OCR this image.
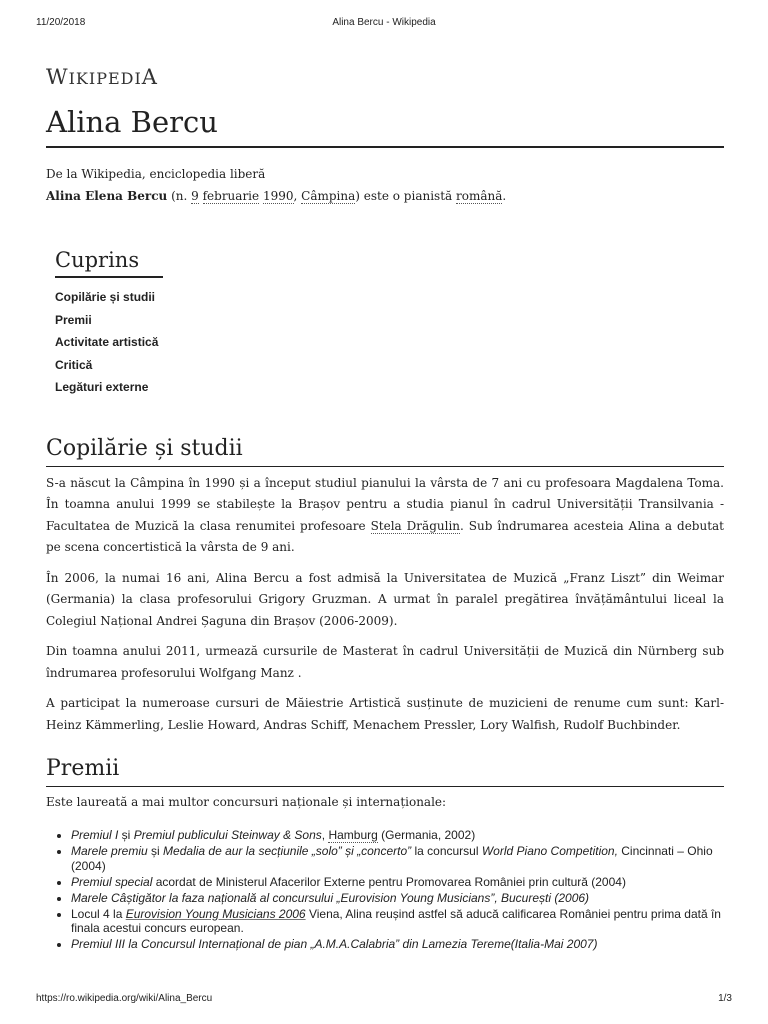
11/20/2018	Alina Bercu - Wikipedia
WIKIPEDIA
Alina Bercu
De la Wikipedia, enciclopedia liberă
Alina Elena Bercu (n. 9 februarie 1990, Câmpina) este o pianistă română.
Cuprins
Copilărie și studii
Premii
Activitate artistică
Critică
Legături externe
Copilărie și studii

S-a născut la Câmpina în 1990 și a început studiul pianului la vârsta de 7 ani cu profesoara Magdalena Toma. În toamna anului 1999 se stabilește la Brașov pentru a studia pianul în cadrul Universității Transilvania -Facultatea de Muzică la clasa renumitei profesoare Stela Drăgulin. Sub îndrumarea acesteia Alina a debutat pe scena concertistică la vârsta de 9 ani.

În 2006, la numai 16 ani, Alina Bercu a fost admisă la Universitatea de Muzică „Franz Liszt” din Weimar (Germania) la clasa profesorului Grigory Gruzman. A urmat în paralel pregătirea învățământului liceal la Colegiul Național Andrei Șaguna din Brașov (2006-2009).

Din toamna anului 2011, urmează cursurile de Masterat în cadrul Universității de Muzică din Nürnberg sub îndrumarea profesorului Wolfgang Manz .

A participat la numeroase cursuri de Măiestrie Artistică susținute de muzicieni de renume cum sunt: Karl-Heinz Kämmerling, Leslie Howard, Andras Schiff, Menachem Pressler, Lory Walfish, Rudolf Buchbinder.

Premii

Este laureată a mai multor concursuri naționale și internaționale:

• Premiul I și Premiul publicului Steinway & Sons, Hamburg (Germania, 2002)
• Marele premiu și Medalia de aur la secțiunile „solo” și „concerto” la concursul World Piano Competition, Cincinnati – Ohio (2004)
• Premiul special acordat de Ministerul Afacerilor Externe pentru Promovarea României prin cultură (2004)
• Marele Câștigător la faza națională al concursului „Eurovision Young Musicians”, București (2006)
• Locul 4 la Eurovision Young Musicians 2006 Viena, Alina reușind astfel să aducă calificarea României pentru prima dată în finala acestui concurs european.
• Premiul III la Concursul Internațional de pian „A.M.A.Calabria” din Lamezia Tereme(Italia-Mai 2007)
https://ro.wikipedia.org/wiki/Alina_Bercu	1/3
